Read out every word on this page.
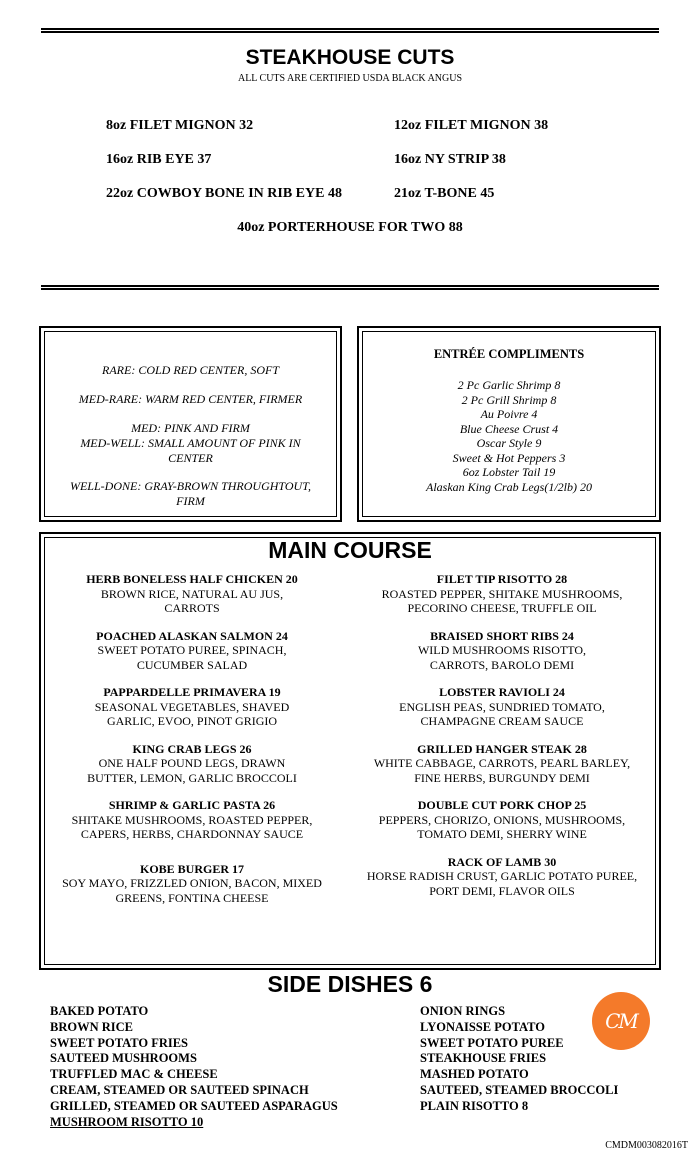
STEAKHOUSE CUTS
ALL CUTS ARE CERTIFIED USDA BLACK ANGUS
8oz FILET MIGNON 32
16oz RIB EYE 37
22oz COWBOY BONE IN RIB EYE 48
12oz FILET MIGNON 38
16oz NY STRIP 38
21oz T-BONE 45
40oz PORTERHOUSE FOR TWO 88
RARE: COLD RED CENTER, SOFT
MED-RARE: WARM RED CENTER, FIRMER
MED: PINK AND FIRM
MED-WELL: SMALL AMOUNT OF PINK IN CENTER
WELL-DONE: GRAY-BROWN THROUGHTOUT, FIRM
ENTRÉE COMPLIMENTS
2 Pc Garlic Shrimp 8
2 Pc Grill Shrimp 8
Au Poivre 4
Blue Cheese Crust 4
Oscar Style 9
Sweet & Hot Peppers 3
6oz Lobster Tail 19
Alaskan King Crab Legs(1/2lb) 20
MAIN COURSE
HERB BONELESS HALF CHICKEN 20
BROWN RICE, NATURAL AU JUS, CARROTS
POACHED ALASKAN SALMON 24
SWEET POTATO PUREE, SPINACH, CUCUMBER SALAD
PAPPARDELLE PRIMAVERA 19
SEASONAL VEGETABLES, SHAVED GARLIC, EVOO, PINOT GRIGIO
KING CRAB LEGS 26
ONE HALF POUND LEGS, DRAWN BUTTER, LEMON, GARLIC BROCCOLI
SHRIMP & GARLIC PASTA 26
SHITAKE MUSHROOMS, ROASTED PEPPER, CAPERS, HERBS, CHARDONNAY SAUCE
KOBE BURGER 17
SOY MAYO, FRIZZLED ONION, BACON, MIXED GREENS, FONTINA CHEESE
FILET TIP RISOTTO 28
ROASTED PEPPER, SHITAKE MUSHROOMS, PECORINO CHEESE, TRUFFLE OIL
BRAISED SHORT RIBS 24
WILD MUSHROOMS RISOTTO, CARROTS, BAROLO DEMI
LOBSTER RAVIOLI 24
ENGLISH PEAS, SUNDRIED TOMATO, CHAMPAGNE CREAM SAUCE
GRILLED HANGER STEAK 28
WHITE CABBAGE, CARROTS, PEARL BARLEY, FINE HERBS, BURGUNDY DEMI
DOUBLE CUT PORK CHOP 25
PEPPERS, CHORIZO, ONIONS, MUSHROOMS, TOMATO DEMI, SHERRY WINE
RACK OF LAMB 30
HORSE RADISH CRUST, GARLIC POTATO PUREE, PORT DEMI, FLAVOR OILS
SIDE DISHES 6
BAKED POTATO
BROWN RICE
SWEET POTATO FRIES
SAUTEED MUSHROOMS
TRUFFLED MAC & CHEESE
CREAM, STEAMED OR SAUTEED SPINACH
GRILLED, STEAMED OR SAUTEED ASPARAGUS
MUSHROOM RISOTTO 10
ONION RINGS
LYONAISSE POTATO
SWEET POTATO PUREE
STEAKHOUSE FRIES
MASHED POTATO
SAUTEED, STEAMED BROCCOLI
PLAIN RISOTTO 8
CM
CMDM003082016T
